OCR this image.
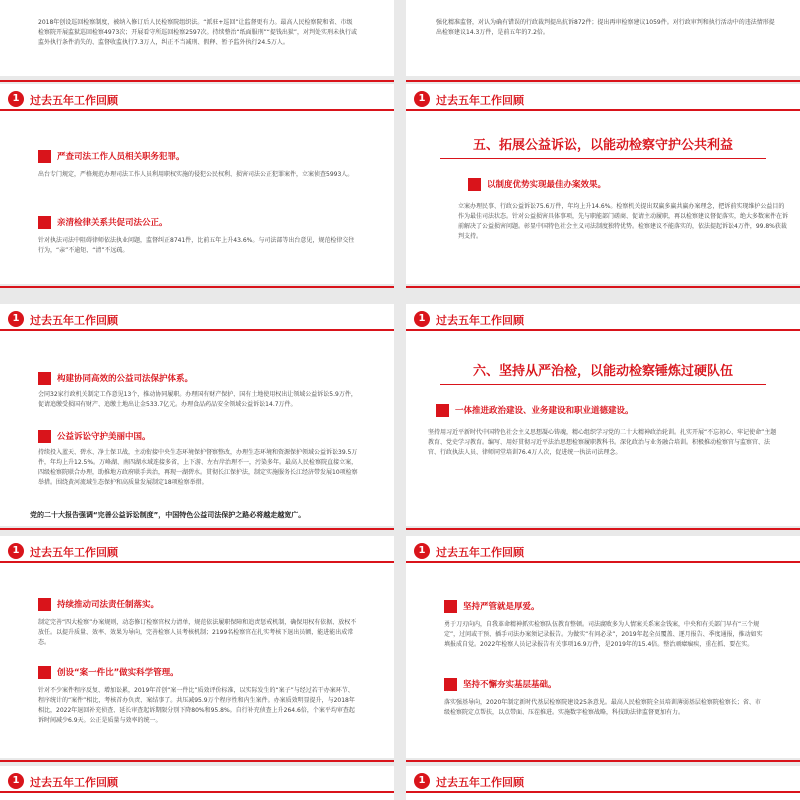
2018年创设巡回检察制度，被纳入修订后人民检察院组织法。“派驻+巡回”让监督更有力。最高人民检察院和省、市级检察院开展监狱巡回检察4973次；开展看守所巡回检察2597次。持续整治“纸面服刑”“提钱出狱”，对判处实刑未执行或监外执行条件消失的、监督收监执行7.3万人，纠正不当减刑、假释、暂予监外执行24.5万人。
强化精准监督，对认为确有错误的行政裁判提出抗诉872件；提出再审检察建议1059件。对行政审判和执行活动中的违法情形提出检察建议14.3万件，是前五年的7.2倍。
1 过去五年工作回顾
严查司法工作人员相关职务犯罪。
出台专门规定，严格规范办理司法工作人员利用职权实施的侵犯公民权利、损害司法公正犯罪案件，立案侦查5993人。
亲清检律关系共促司法公正。
针对执法司法中阻碍律师依法执业问题，监督纠正8741件，比前五年上升43.6%。与司法部等出台意见，规范检律交往行为，“亲”不逾矩、“清”不远疏。
1 过去五年工作回顾
五、拓展公益诉讼，以能动检察守护公共利益
以制度优势实现最佳办案效果。
立案办理民事、行政公益诉讼75.6万件，年均上升14.6%。检察机关提出双赢多赢共赢办案理念，把诉前实现维护公益目的作为最佳司法状态。针对公益损害具体事项，先与职能部门磋商、促请主动履职，再以检察建议督促落实，绝大多数案件在诉前解决了公益损害问题。彰显中国特色社会主义司法制度独特优势。检察建议不能落实的，依法提起诉讼4万件，99.8%获裁判支持。
1 过去五年工作回顾
构建协同高效的公益司法保护体系。
会同32家行政机关制定工作意见13个，推动协同履职。办理国有财产保护、国有土地使用权出让领域公益诉讼5.9万件，促请追缴受损国有财产、追缴土地出让金533.7亿元。办理食品药品安全领域公益诉讼14.7万件。
公益诉讼守护美丽中国。
持续投入蓝天、碧水、净土保卫战，主动衔接中央生态环境保护督察整改，办理生态环境和资源保护领域公益诉讼39.5万件，年均上升12.5%。万峰湖、南四湖水域连接多省，上下游、左右岸治理不一，污染多年。最高人民检察院直接立案，四级检察院联合办理，助推地方政府联手共治，再现一湖碧水。贯彻长江保护法，制定实施服务长江经济带发展10项检察举措。围绕黄河流域生态保护和高质量发展制定18项检察举措。
党的二十大报告强调“完善公益诉讼制度”，中国特色公益司法保护之路必将越走越宽广。
1 过去五年工作回顾
六、坚持从严治检，以能动检察锤炼过硬队伍
一体推进政治建设、业务建设和职业道德建设。
坚持用习近平新时代中国特色社会主义思想凝心铸魂，精心组织学习党的二十大精神政治轮训。扎实开展“不忘初心、牢记使命”主题教育、党史学习教育。编写、用好贯彻习近平法治思想检察履职教科书。深化政治与业务融合培训。积极推动检察官与监察官、法官、行政执法人员、律师同堂培训76.4万人次，促进统一执法司法理念。
1 过去五年工作回顾
持续推动司法责任制落实。
制定完善“四大检察”办案规则，动态修订检察官权力清单，规范依法履职保障和追责惩戒机制，确保用权有依据、放权不放任。以提升质量、效率、效果为导向，完善检察人员考核机制；2199名检察官在扎实考核下退出员额，能进能出成常态。
创设“案一件比”做实科学管理。
针对不少案件程序反复、增加讼累，2019年首创“案一件比”质效评价标准，以实际发生的“案子”与经过若干办案环节、程序统计的“案件”相比，考核首办负责、案结事了。共压减95.9万个程序性和内生案件。办案质效明显提升，与2018年相比，2022年退回补充侦查、延长审查起诉期限分别下降80%和95.8%。自行补充侦查上升264.6倍，个案平均审查起诉时间减少6.9天。公正是质量与效率的统一。
1 过去五年工作回顾
坚持严管就是厚爱。
勇于刀刃向内，自我革命精神抓实检察队伍教育整顿。司法腐败多为人情案关系案金钱案，中央和有关部门早有“三个规定”，过问或干预、插手司法办案须记录报告。为做实“有问必录”，2019年起全员覆盖、逐月报告、季度通报，推动如实填报成自觉。2022年检察人员记录报告有关事项16.9万件，是2019年的15.4倍。整治顽瘴痼疾，重在抓、要在实。
坚持不懈夯实基层基础。
落实强基导向，2020年制定新时代基层检察院建设25条意见。最高人民检察院全员培训薄弱基层检察院检察长；省、市级检察院定点帮扶，以点带面、压茬推进。实施数字检察战略，科技助法律监督更加有力。
1 过去五年工作回顾	1 过去五年工作回顾
